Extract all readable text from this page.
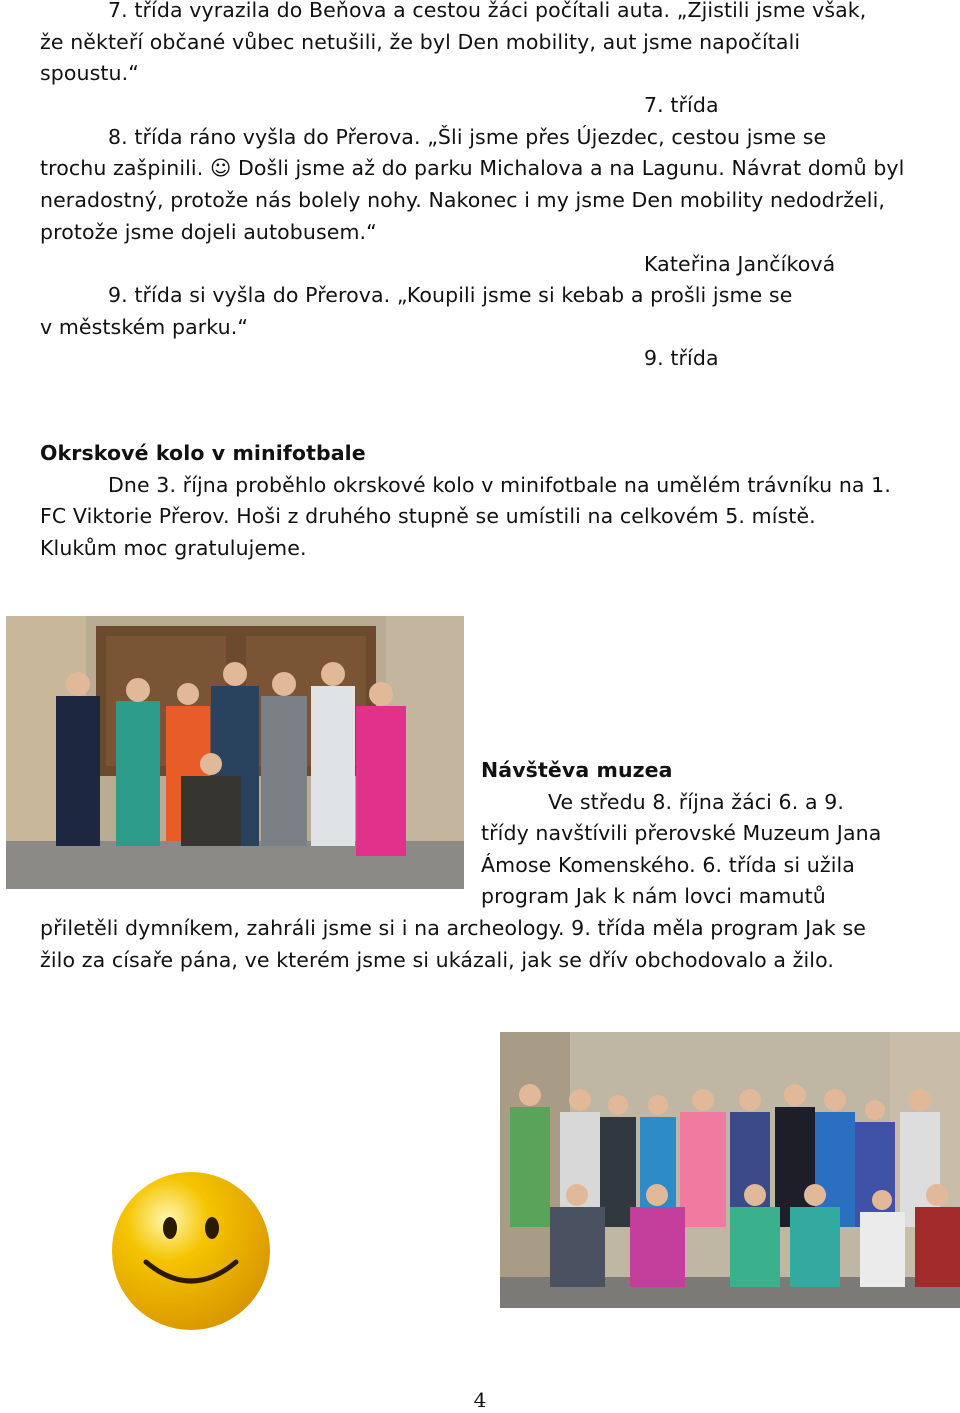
7. třída vyrazila do Beňova a cestou žáci počítali auta. „Zjistili jsme však,
že někteří občané vůbec netušili, že byl Den mobility, aut jsme napočítali
spoustu.“
7. třída
8. třída ráno vyšla do Přerova. „Šli jsme přes Újezdec, cestou jsme se
trochu zašpinili. ☺ Došli jsme až do parku Michalova a na Lagunu. Návrat domů byl
neradostný, protože nás bolely nohy. Nakonec i my jsme Den mobility nedodrželi,
protože jsme dojeli autobusem.“
Kateřina Jančíková
9. třída si vyšla do Přerova. „Koupili jsme si kebab a prošli jsme se
v městském parku.“
9. třída
Okrskové kolo v minifotbale
Dne 3. října proběhlo okrskové kolo v minifotbale na umělém trávníku na 1.
FC Viktorie Přerov. Hoši z druhého stupně se umístili na celkovém 5. místě.
Klukům moc gratulujeme.
Návštěva muzea
Ve středu 8. října žáci 6. a 9.
třídy navštívili přerovské Muzeum Jana
Ámose Komenského. 6. třída si užila
program Jak k nám lovci mamutů
přiletěli dymníkem, zahráli jsme si i na archeology. 9. třída měla program Jak se
žilo za císaře pána, ve kterém jsme si ukázali, jak se dřív obchodovalo a žilo.
4
